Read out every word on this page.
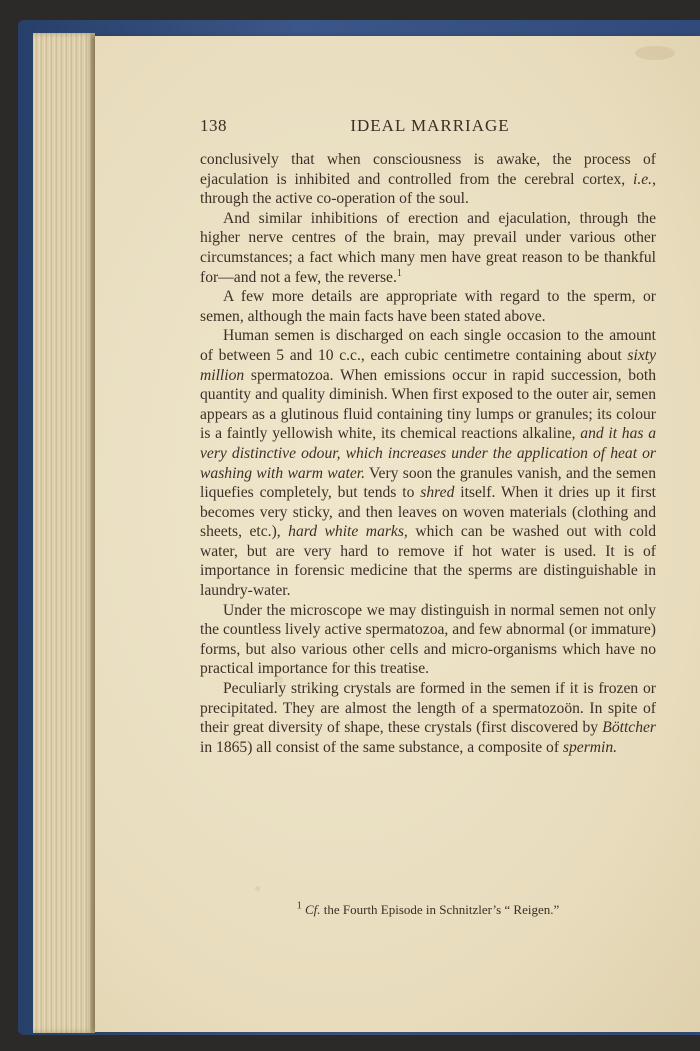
138	IDEAL MARRIAGE

conclusively that when consciousness is awake, the process of ejaculation is inhibited and controlled from the cerebral cortex, i.e., through the active co-operation of the soul.

And similar inhibitions of erection and ejaculation, through the higher nerve centres of the brain, may prevail under various other circumstances; a fact which many men have great reason to be thankful for—and not a few, the reverse.$^1$

A few more details are appropriate with regard to the sperm, or semen, although the main facts have been stated above.

Human semen is discharged on each single occasion to the amount of between 5 and 10 c.c., each cubic centimetre containing about sixty million spermatozoa. When emissions occur in rapid succession, both quantity and quality diminish. When first exposed to the outer air, semen appears as a glutinous fluid containing tiny lumps or granules; its colour is a faintly yellowish white, its chemical reactions alkaline, and it has a very distinctive odour, which increases under the application of heat or washing with warm water. Very soon the granules vanish, and the semen liquefies completely, but tends to shred itself. When it dries up it first becomes very sticky, and then leaves on woven materials (clothing and sheets, etc.), hard white marks, which can be washed out with cold water, but are very hard to remove if hot water is used. It is of importance in forensic medicine that the sperms are distinguishable in laundry-water.

Under the microscope we may distinguish in normal semen not only the countless lively active spermatozoa, and few abnormal (or immature) forms, but also various other cells and micro-organisms which have no practical importance for this treatise.

Peculiarly striking crystals are formed in the semen if it is frozen or precipitated. They are almost the length of a spermatozoön. In spite of their great diversity of shape, these crystals (first discovered by Böttcher in 1865) all consist of the same substance, a composite of spermin.

$^1$ Cf. the Fourth Episode in Schnitzler’s “ Reigen.”
